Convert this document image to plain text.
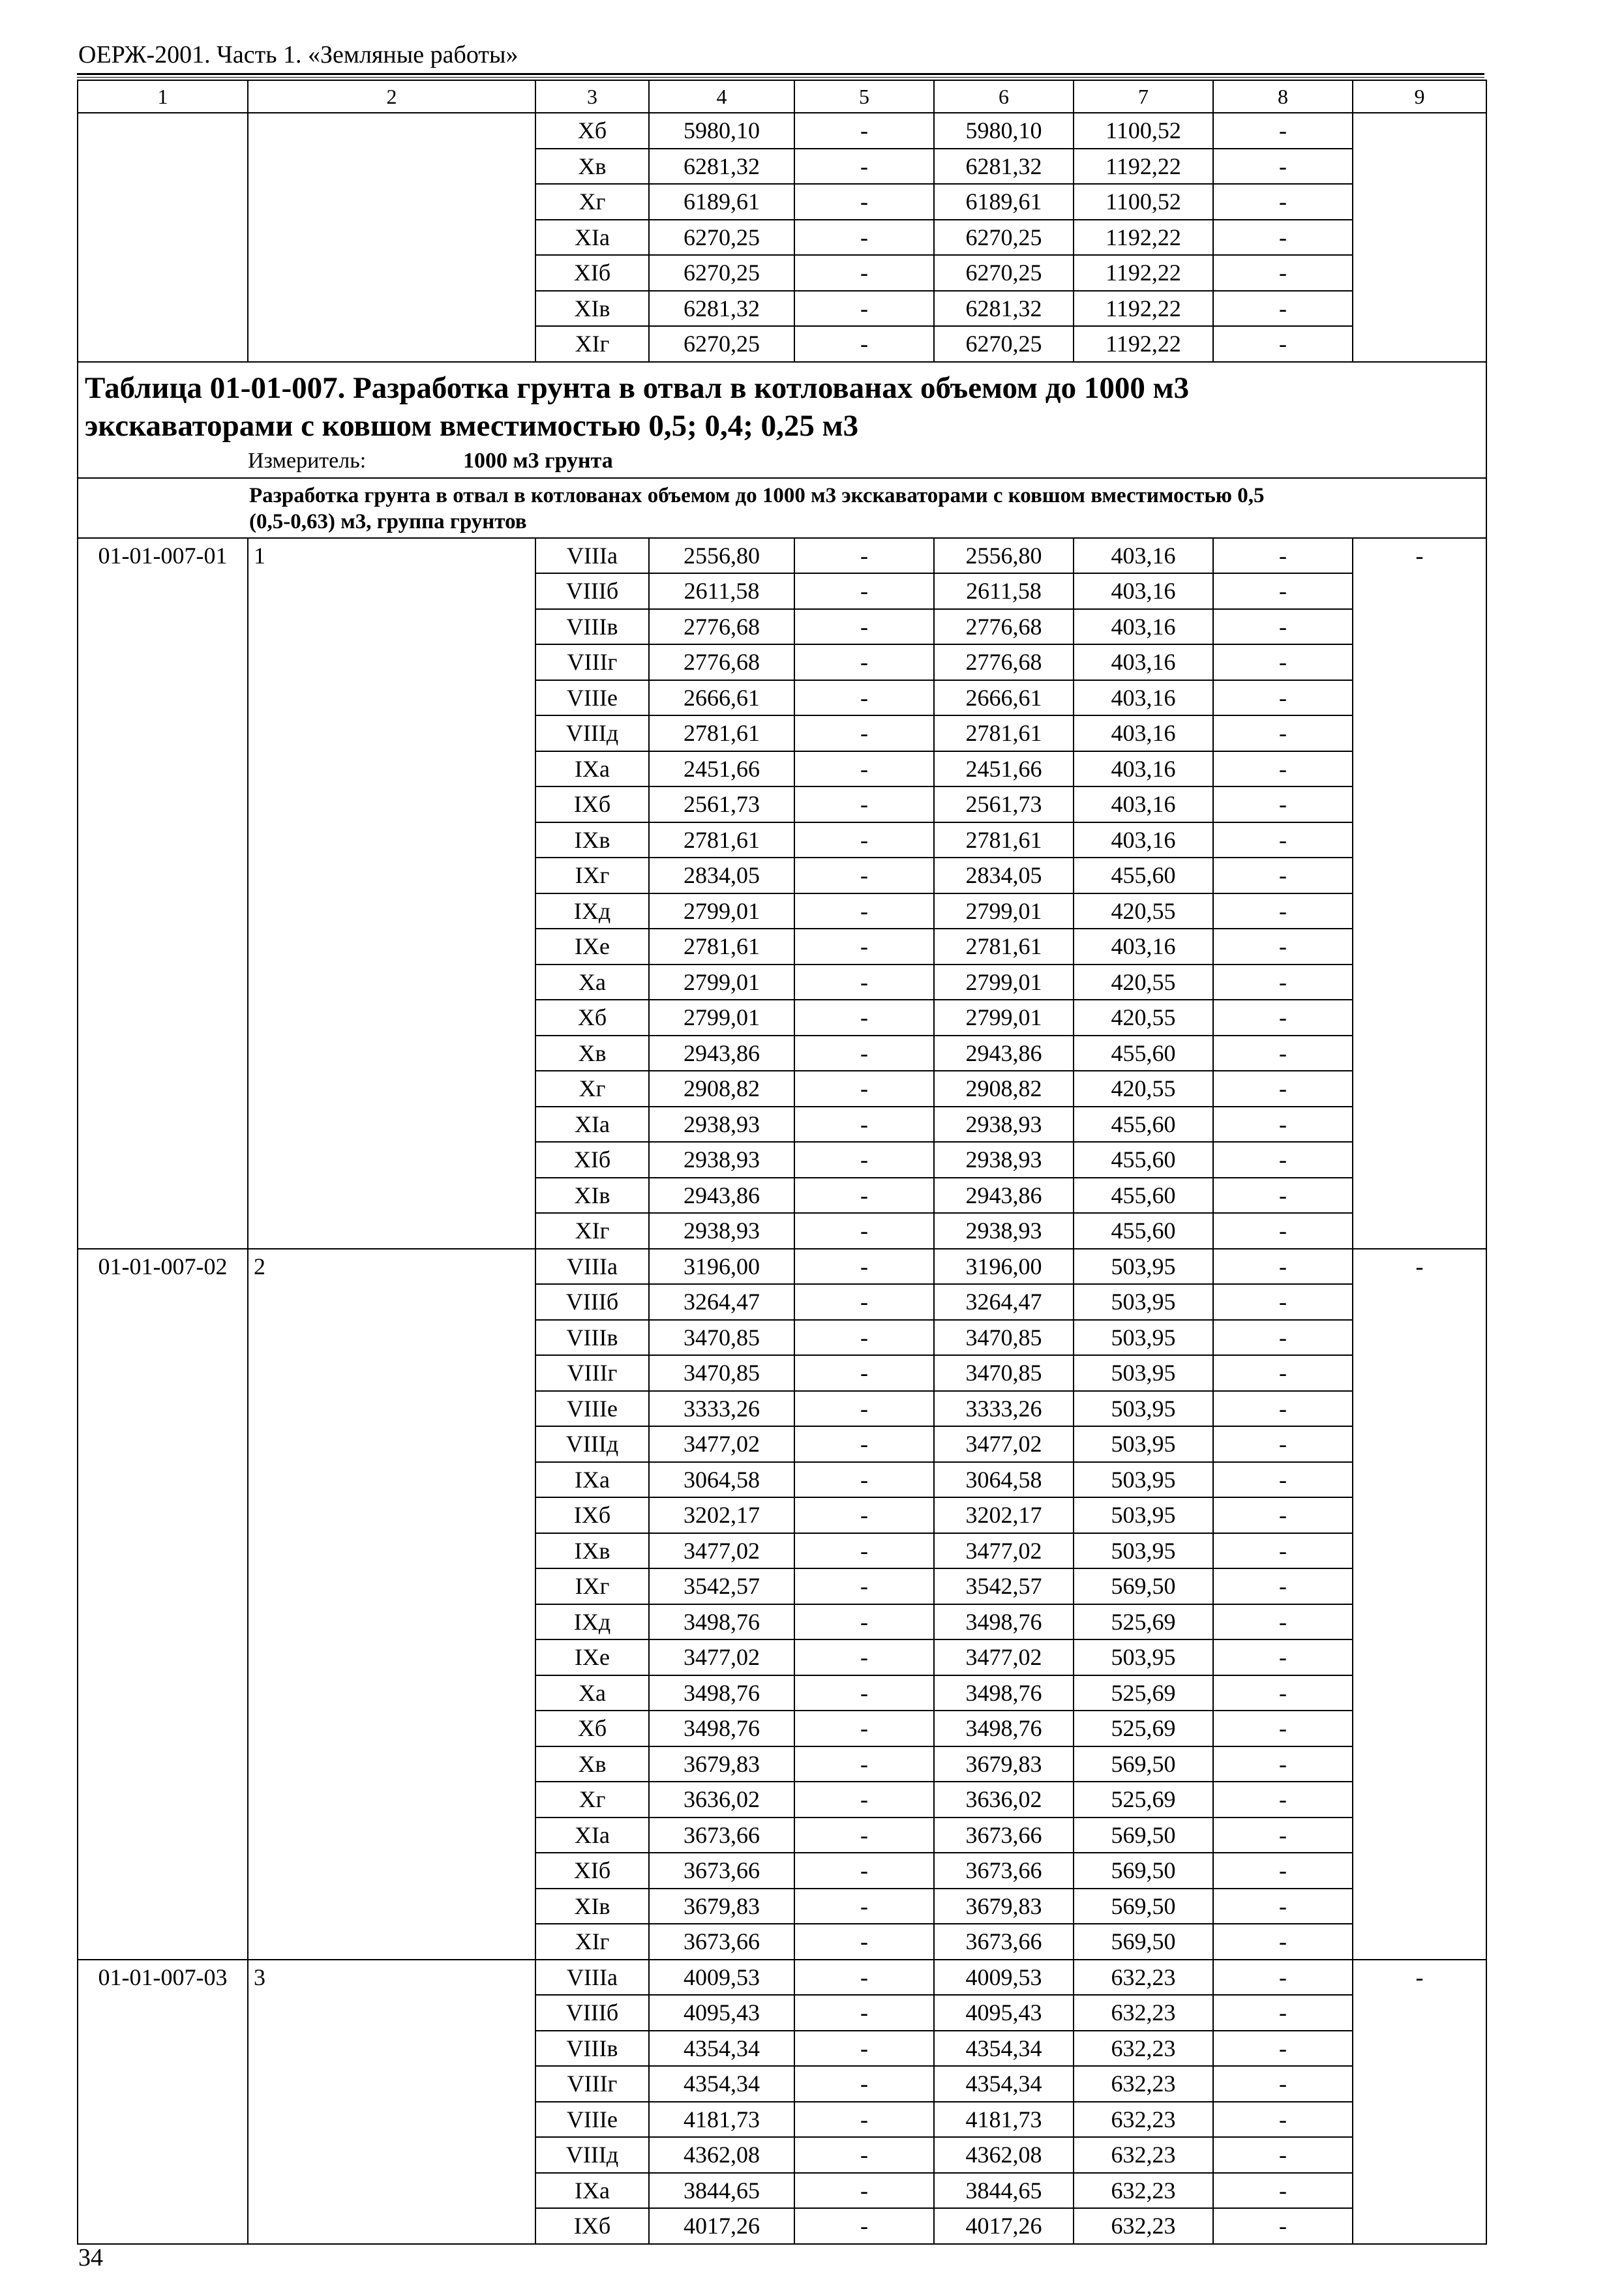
ОЕРЖ-2001. Часть 1. «Земляные работы»
1	2	3	4	5	6	7	8	9
		Xб	5980,10	-	5980,10	1100,52	-	
		Xв	6281,32	-	6281,32	1192,22	-	
		Xг	6189,61	-	6189,61	1100,52	-	
		XIа	6270,25	-	6270,25	1192,22	-	
		XIб	6270,25	-	6270,25	1192,22	-	
		XIв	6281,32	-	6281,32	1192,22	-	
		XIг	6270,25	-	6270,25	1192,22	-	

Таблица 01-01-007. Разработка грунта в отвал в котлованах объемом до 1000 м3
экскаваторами с ковшом вместимостью 0,5; 0,4; 0,25 м3
Измеритель: 1000 м3 грунта								

Разработка грунта в отвал в котлованах объемом до 1000 м3 экскаваторами с ковшом вместимостью 0,5
(0,5-0,63) м3, группа грунтов								
01-01-007-01	1	VIIIа	2556,80	-	2556,80	403,16	-	-
		VIIIб	2611,58	-	2611,58	403,16	-	
		VIIIв	2776,68	-	2776,68	403,16	-	
		VIIIг	2776,68	-	2776,68	403,16	-	
		VIIIе	2666,61	-	2666,61	403,16	-	
		VIIIд	2781,61	-	2781,61	403,16	-	
		IXа	2451,66	-	2451,66	403,16	-	
		IXб	2561,73	-	2561,73	403,16	-	
		IXв	2781,61	-	2781,61	403,16	-	
		IXг	2834,05	-	2834,05	455,60	-	
		IXд	2799,01	-	2799,01	420,55	-	
		IXе	2781,61	-	2781,61	403,16	-	
		Xа	2799,01	-	2799,01	420,55	-	
		Xб	2799,01	-	2799,01	420,55	-	
		Xв	2943,86	-	2943,86	455,60	-	
		Xг	2908,82	-	2908,82	420,55	-	
		XIа	2938,93	-	2938,93	455,60	-	
		XIб	2938,93	-	2938,93	455,60	-	
		XIв	2943,86	-	2943,86	455,60	-	
		XIг	2938,93	-	2938,93	455,60	-	
01-01-007-02	2	VIIIа	3196,00	-	3196,00	503,95	-	-
		VIIIб	3264,47	-	3264,47	503,95	-	
		VIIIв	3470,85	-	3470,85	503,95	-	
		VIIIг	3470,85	-	3470,85	503,95	-	
		VIIIе	3333,26	-	3333,26	503,95	-	
		VIIIд	3477,02	-	3477,02	503,95	-	
		IXа	3064,58	-	3064,58	503,95	-	
		IXб	3202,17	-	3202,17	503,95	-	
		IXв	3477,02	-	3477,02	503,95	-	
		IXг	3542,57	-	3542,57	569,50	-	
		IXд	3498,76	-	3498,76	525,69	-	
		IXе	3477,02	-	3477,02	503,95	-	
		Xа	3498,76	-	3498,76	525,69	-	
		Xб	3498,76	-	3498,76	525,69	-	
		Xв	3679,83	-	3679,83	569,50	-	
		Xг	3636,02	-	3636,02	525,69	-	
		XIа	3673,66	-	3673,66	569,50	-	
		XIб	3673,66	-	3673,66	569,50	-	
		XIв	3679,83	-	3679,83	569,50	-	
		XIг	3673,66	-	3673,66	569,50	-	
01-01-007-03	3	VIIIа	4009,53	-	4009,53	632,23	-	-
		VIIIб	4095,43	-	4095,43	632,23	-	
		VIIIв	4354,34	-	4354,34	632,23	-	
		VIIIг	4354,34	-	4354,34	632,23	-	
		VIIIе	4181,73	-	4181,73	632,23	-	
		VIIIд	4362,08	-	4362,08	632,23	-	
		IXа	3844,65	-	3844,65	632,23	-	
		IXб	4017,26	-	4017,26	632,23	-	
34
